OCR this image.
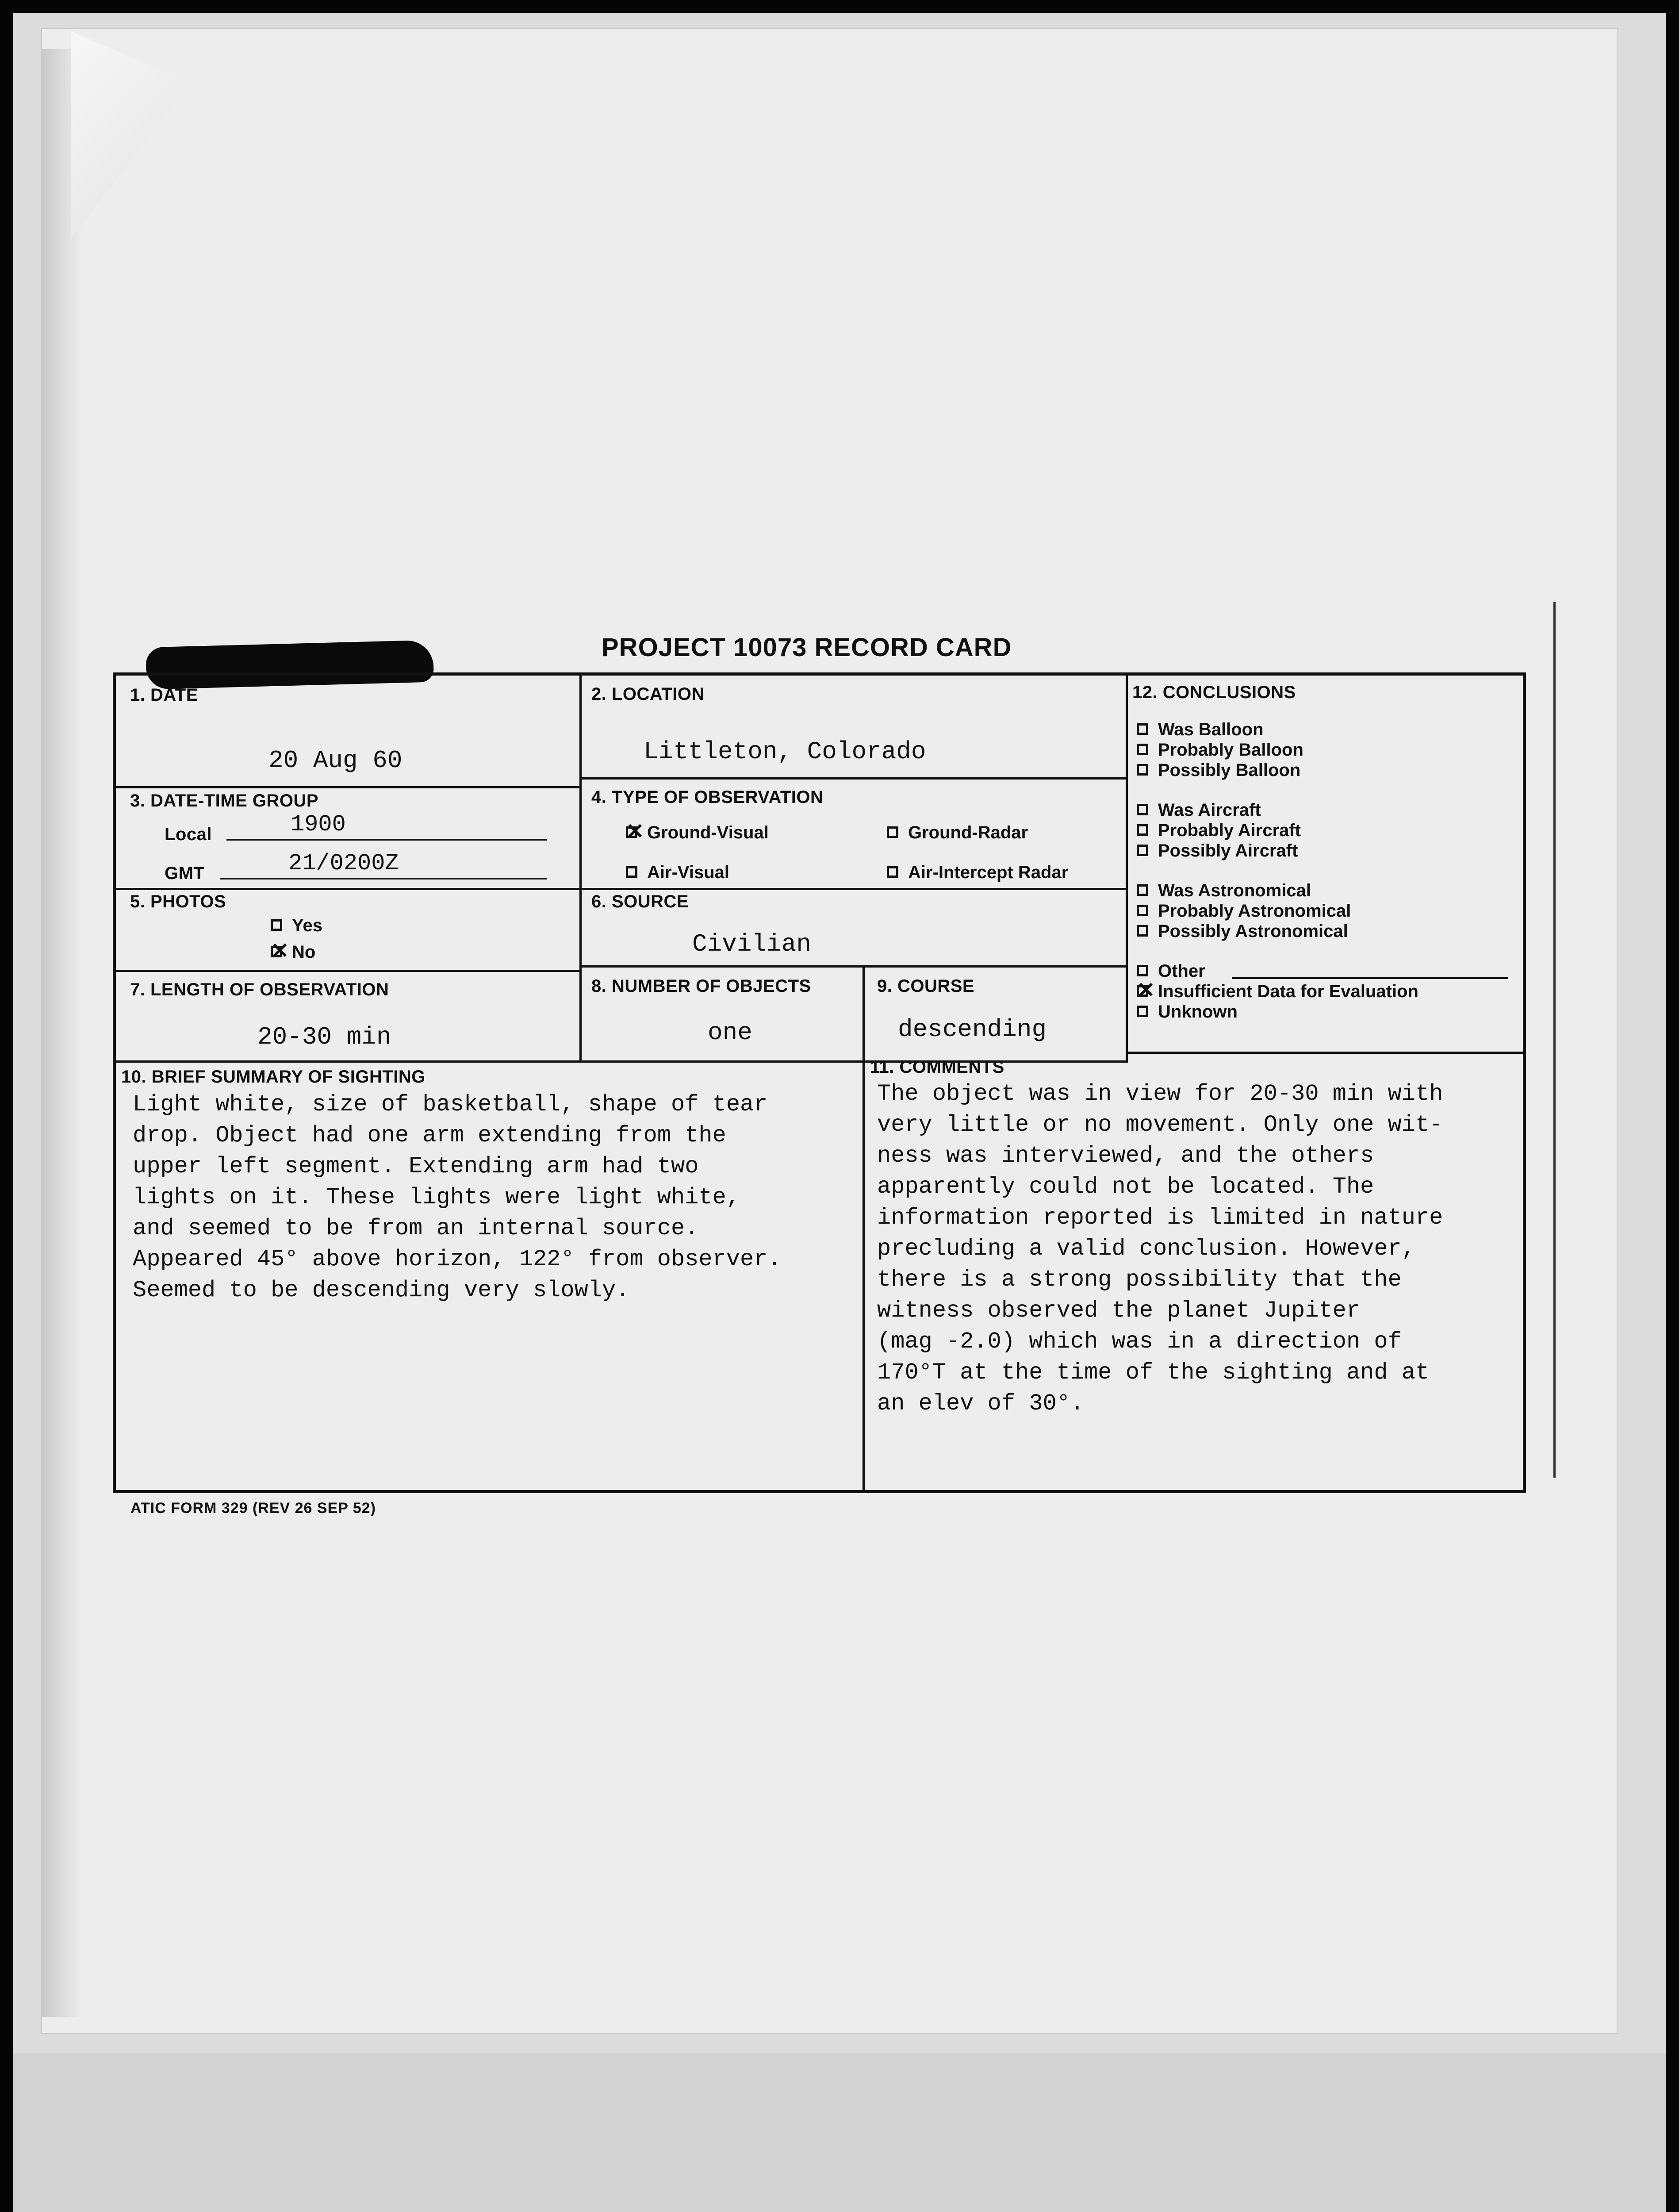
PROJECT 10073 RECORD CARD
1. DATE
20 Aug 60
2. LOCATION
Littleton, Colorado
3. DATE-TIME GROUP
Local	1900
GMT	21/0200Z
4. TYPE OF OBSERVATION
×Ground-Visual	Ground-Radar
Air-Visual	Air-Intercept Radar
5. PHOTOS
Yes
×No
6. SOURCE
Civilian
7. LENGTH OF OBSERVATION
20-30 min
8. NUMBER OF OBJECTS
one
9. COURSE
descending
12. CONCLUSIONS
Was Balloon
Probably Balloon
Possibly Balloon
Was Aircraft
Probably Aircraft
Possibly Aircraft
Was Astronomical
Probably Astronomical
Possibly Astronomical
Other
×Insufficient Data for Evaluation
Unknown
10. BRIEF SUMMARY OF SIGHTING
Light white, size of basketball, shape of tear
drop. Object had one arm extending from the
upper left segment. Extending arm had two
lights on it. These lights were light white,
and seemed to be from an internal source.
Appeared 45° above horizon, 122° from observer.
Seemed to be descending very slowly.
11. COMMENTS
The object was in view for 20-30 min with
very little or no movement. Only one wit-
ness was interviewed, and the others
apparently could not be located. The
information reported is limited in nature
precluding a valid conclusion. However,
there is a strong possibility that the
witness observed the planet Jupiter
(mag -2.0) which was in a direction of
170°T at the time of the sighting and at
an elev of 30°.
ATIC FORM 329 (REV 26 SEP 52)
